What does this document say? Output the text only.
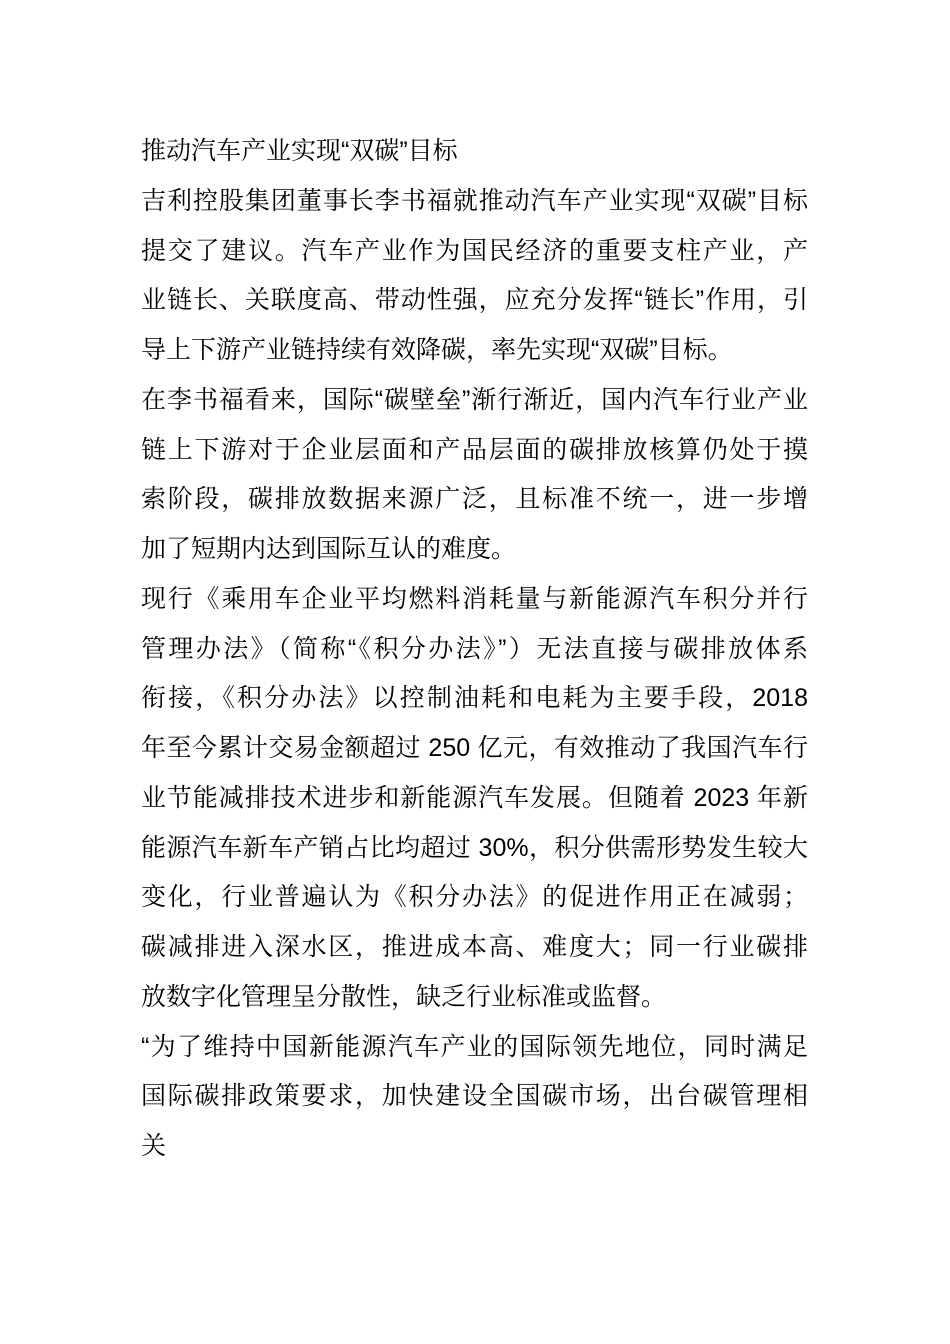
推动汽车产业实现“双碳”目标
吉利控股集团董事长李书福就推动汽车产业实现“双碳”目标
提交了建议。汽车产业作为国民经济的重要支柱产业，产
业链长、关联度高、带动性强，应充分发挥“链长”作用，引
导上下游产业链持续有效降碳，率先实现“双碳”目标。
在李书福看来，国际“碳壁垒”渐行渐近，国内汽车行业产业
链上下游对于企业层面和产品层面的碳排放核算仍处于摸
索阶段，碳排放数据来源广泛，且标准不统一，进一步增
加了短期内达到国际互认的难度。
现行《乘用车企业平均燃料消耗量与新能源汽车积分并行
管理办法》（简称“《积分办法》”）无法直接与碳排放体系
衔接，《积分办法》以控制油耗和电耗为主要手段，2018
年至今累计交易金额超过 250 亿元，有效推动了我国汽车行
业节能减排技术进步和新能源汽车发展。但随着 2023 年新
能源汽车新车产销占比均超过 30%，积分供需形势发生较大
变化，行业普遍认为《积分办法》的促进作用正在减弱；
碳减排进入深水区，推进成本高、难度大；同一行业碳排
放数字化管理呈分散性，缺乏行业标准或监督。
“为了维持中国新能源汽车产业的国际领先地位，同时满足
国际碳排政策要求，加快建设全国碳市场，出台碳管理相
关
